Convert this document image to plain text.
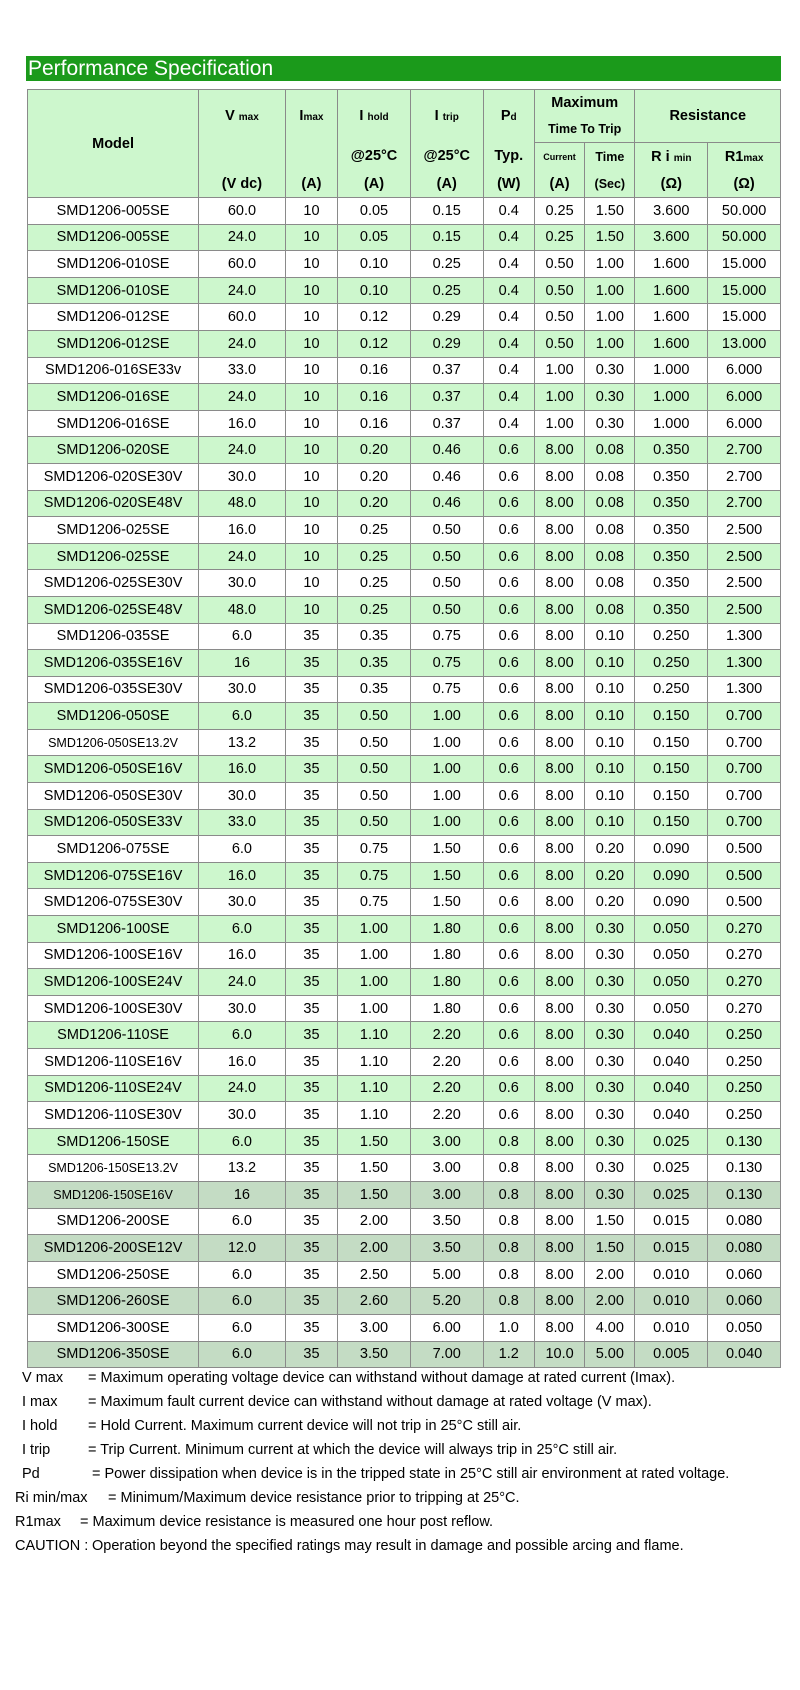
Performance Specification
Model	V max	Imax	I hold	I trip	Pd	Maximum		Resistance	
						Time To Trip			
			@25°C	@25°C	Typ.	Current	Time	R i min	R1max
	(V dc)	(A)	(A)	(A)	(W)	(A)	(Sec)	(Ω)	(Ω)
SMD1206-005SE	60.0	10	0.05	0.15	0.4	0.25	1.50	3.600	50.000
SMD1206-005SE	24.0	10	0.05	0.15	0.4	0.25	1.50	3.600	50.000
SMD1206-010SE	60.0	10	0.10	0.25	0.4	0.50	1.00	1.600	15.000
SMD1206-010SE	24.0	10	0.10	0.25	0.4	0.50	1.00	1.600	15.000
SMD1206-012SE	60.0	10	0.12	0.29	0.4	0.50	1.00	1.600	15.000
SMD1206-012SE	24.0	10	0.12	0.29	0.4	0.50	1.00	1.600	13.000
SMD1206-016SE33v	33.0	10	0.16	0.37	0.4	1.00	0.30	1.000	6.000
SMD1206-016SE	24.0	10	0.16	0.37	0.4	1.00	0.30	1.000	6.000
SMD1206-016SE	16.0	10	0.16	0.37	0.4	1.00	0.30	1.000	6.000
SMD1206-020SE	24.0	10	0.20	0.46	0.6	8.00	0.08	0.350	2.700
SMD1206-020SE30V	30.0	10	0.20	0.46	0.6	8.00	0.08	0.350	2.700
SMD1206-020SE48V	48.0	10	0.20	0.46	0.6	8.00	0.08	0.350	2.700
SMD1206-025SE	16.0	10	0.25	0.50	0.6	8.00	0.08	0.350	2.500
SMD1206-025SE	24.0	10	0.25	0.50	0.6	8.00	0.08	0.350	2.500
SMD1206-025SE30V	30.0	10	0.25	0.50	0.6	8.00	0.08	0.350	2.500
SMD1206-025SE48V	48.0	10	0.25	0.50	0.6	8.00	0.08	0.350	2.500
SMD1206-035SE	6.0	35	0.35	0.75	0.6	8.00	0.10	0.250	1.300
SMD1206-035SE16V	16	35	0.35	0.75	0.6	8.00	0.10	0.250	1.300
SMD1206-035SE30V	30.0	35	0.35	0.75	0.6	8.00	0.10	0.250	1.300
SMD1206-050SE	6.0	35	0.50	1.00	0.6	8.00	0.10	0.150	0.700
SMD1206-050SE13.2V	13.2	35	0.50	1.00	0.6	8.00	0.10	0.150	0.700
SMD1206-050SE16V	16.0	35	0.50	1.00	0.6	8.00	0.10	0.150	0.700
SMD1206-050SE30V	30.0	35	0.50	1.00	0.6	8.00	0.10	0.150	0.700
SMD1206-050SE33V	33.0	35	0.50	1.00	0.6	8.00	0.10	0.150	0.700
SMD1206-075SE	6.0	35	0.75	1.50	0.6	8.00	0.20	0.090	0.500
SMD1206-075SE16V	16.0	35	0.75	1.50	0.6	8.00	0.20	0.090	0.500
SMD1206-075SE30V	30.0	35	0.75	1.50	0.6	8.00	0.20	0.090	0.500
SMD1206-100SE	6.0	35	1.00	1.80	0.6	8.00	0.30	0.050	0.270
SMD1206-100SE16V	16.0	35	1.00	1.80	0.6	8.00	0.30	0.050	0.270
SMD1206-100SE24V	24.0	35	1.00	1.80	0.6	8.00	0.30	0.050	0.270
SMD1206-100SE30V	30.0	35	1.00	1.80	0.6	8.00	0.30	0.050	0.270
SMD1206-110SE	6.0	35	1.10	2.20	0.6	8.00	0.30	0.040	0.250
SMD1206-110SE16V	16.0	35	1.10	2.20	0.6	8.00	0.30	0.040	0.250
SMD1206-110SE24V	24.0	35	1.10	2.20	0.6	8.00	0.30	0.040	0.250
SMD1206-110SE30V	30.0	35	1.10	2.20	0.6	8.00	0.30	0.040	0.250
SMD1206-150SE	6.0	35	1.50	3.00	0.8	8.00	0.30	0.025	0.130
SMD1206-150SE13.2V	13.2	35	1.50	3.00	0.8	8.00	0.30	0.025	0.130
SMD1206-150SE16V	16	35	1.50	3.00	0.8	8.00	0.30	0.025	0.130
SMD1206-200SE	6.0	35	2.00	3.50	0.8	8.00	1.50	0.015	0.080
SMD1206-200SE12V	12.0	35	2.00	3.50	0.8	8.00	1.50	0.015	0.080
SMD1206-250SE	6.0	35	2.50	5.00	0.8	8.00	2.00	0.010	0.060
SMD1206-260SE	6.0	35	2.60	5.20	0.8	8.00	2.00	0.010	0.060
SMD1206-300SE	6.0	35	3.00	6.00	1.0	8.00	4.00	0.010	0.050
SMD1206-350SE	6.0	35	3.50	7.00	1.2	10.0	5.00	0.005	0.040
V max = Maximum operating voltage device can withstand without damage at rated current (Imax).
I max = Maximum fault current device can withstand without damage at rated voltage (V max).
I hold = Hold Current. Maximum current device will not trip in 25°C still air.
I trip	= Trip Current. Minimum current at which the device will always trip in 25°C still air.
Pd	= Power dissipation when device is in the tripped state in 25°C still air environment at rated voltage.
Ri min/max = Minimum/Maximum device resistance prior to tripping at 25°C.
R1max = Maximum device resistance is measured one hour post reflow.
CAUTION : Operation beyond the specified ratings may result in damage and possible arcing and flame.
